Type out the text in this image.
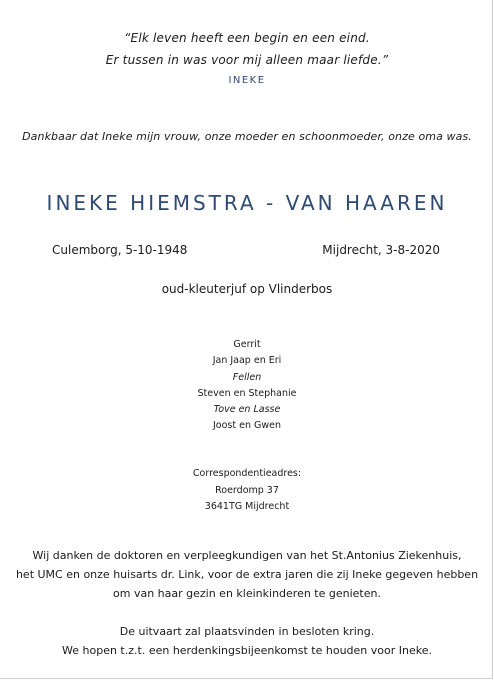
“Elk leven heeft een begin en een eind.
Er tussen in was voor mij alleen maar liefde.”
INEKE
Dankbaar dat Ineke mijn vrouw, onze moeder en schoonmoeder, onze oma was.
INEKE HIEMSTRA - VAN HAAREN
Culemborg, 5-10-1948	Mijdrecht, 3-8-2020
oud-kleuterjuf op Vlinderbos
Gerrit
Jan Jaap en Eri
Fellen
Steven en Stephanie
Tove en Lasse
Joost en Gwen
Correspondentieadres:
Roerdomp 37
3641TG Mijdrecht
Wij danken de doktoren en verpleegkundigen van het St.Antonius Ziekenhuis,
het UMC en onze huisarts dr. Link, voor de extra jaren die zij Ineke gegeven hebben
om van haar gezin en kleinkinderen te genieten.
De uitvaart zal plaatsvinden in besloten kring.
We hopen t.z.t. een herdenkingsbijeenkomst te houden voor Ineke.
